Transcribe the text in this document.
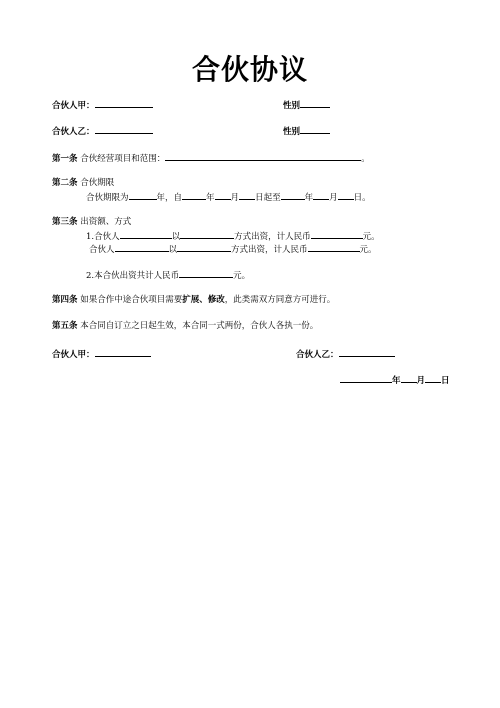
合伙协议
合伙人甲：	性别
合伙人乙：	性别
第一条 合伙经营项目和范围：	。
第二条 合伙期限
合伙期限为	年，自	年 月 日起至	年 月 日。
第三条 出资额、方式
1.合伙人	以	方式出资，计人民币	元。
合伙人	以	方式出资，计人民币	元。
2.本合伙出资共计人民币	元。
第四条 如果合作中途合伙项目需要扩展、修改，此类需双方同意方可进行。
第五条 本合同自订立之日起生效，本合同一式两份，合伙人各执一份。
合伙人甲：	合伙人乙：
年 月 日
